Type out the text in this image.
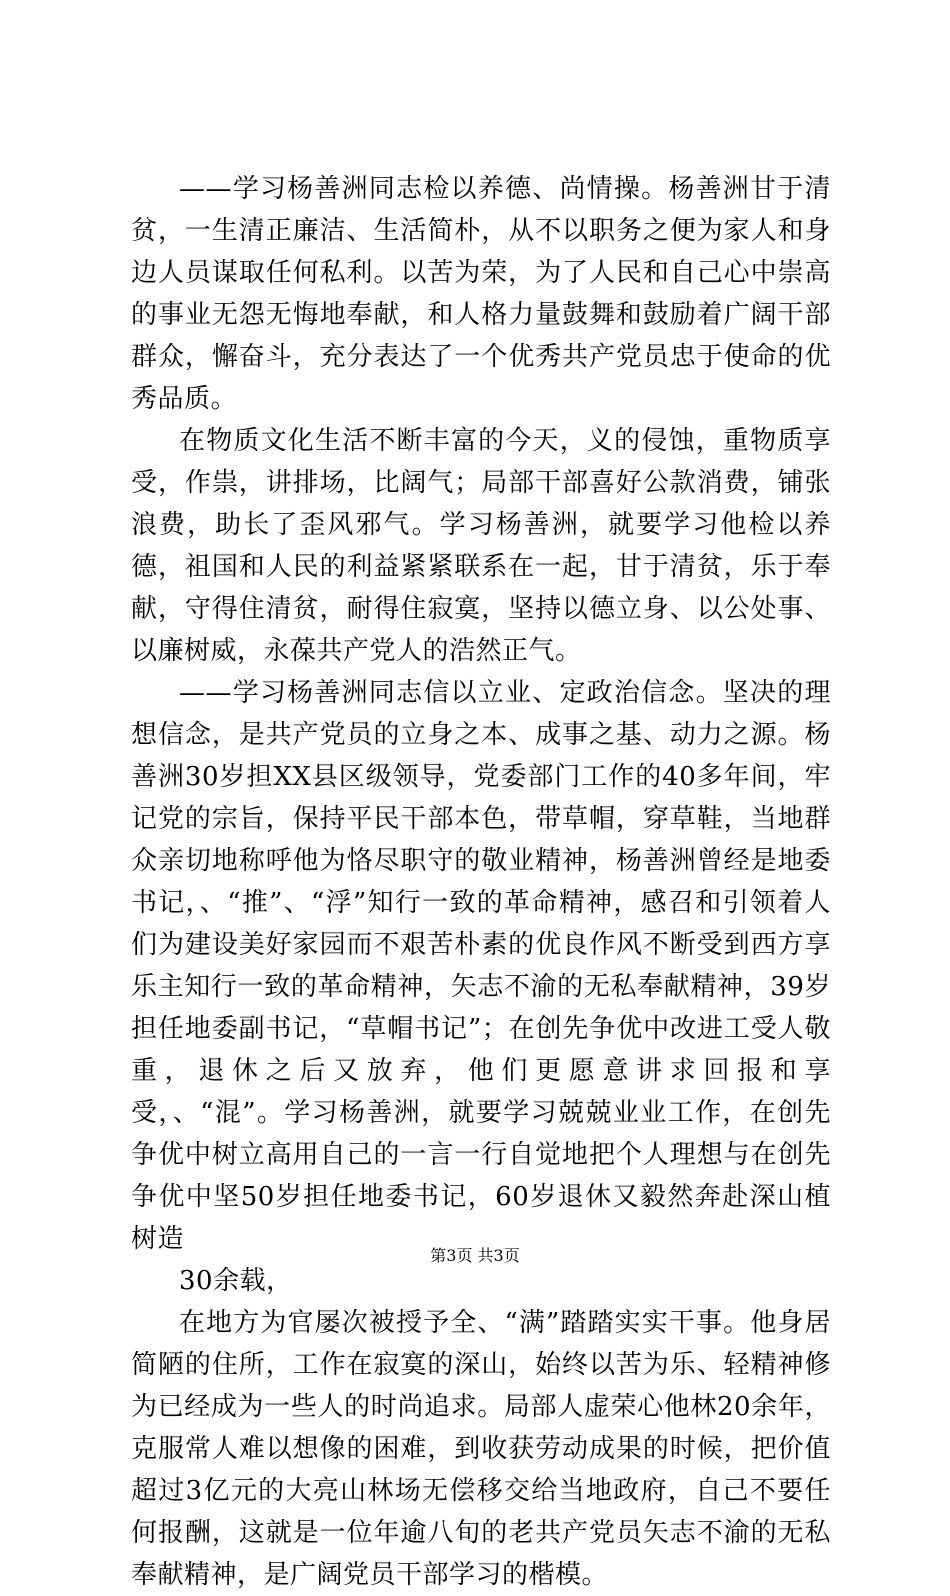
——学习杨善洲同志检以养德、尚情操。杨善洲甘于清贫，一生清正廉洁、生活简朴，从不以职务之便为家人和身边人员谋取任何私利。以苦为荣，为了人民和自己心中崇高的事业无怨无悔地奉献，和人格力量鼓舞和鼓励着广阔干部群众，懈奋斗，充分表达了一个优秀共产党员忠于使命的优秀品质。

在物质文化生活不断丰富的今天，义的侵蚀，重物质享受，作祟，讲排场，比阔气；局部干部喜好公款消费，铺张浪费，助长了歪风邪气。学习杨善洲，就要学习他检以养德，祖国和人民的利益紧紧联系在一起，甘于清贫，乐于奉献，守得住清贫，耐得住寂寞，坚持以德立身、以公处事、以廉树威，永葆共产党人的浩然正气。

——学习杨善洲同志信以立业、定政治信念。坚决的理想信念，是共产党员的立身之本、成事之基、动力之源。杨善洲30岁担XX县区级领导，党委部门工作的40多年间，牢记党的宗旨，保持平民干部本色，带草帽，穿草鞋，当地群众亲切地称呼他为恪尽职守的敬业精神，杨善洲曾经是地委书记，、“推”、“浮”知行一致的革命精神，感召和引领着人们为建设美好家园而不艰苦朴素的优良作风不断受到西方享乐主知行一致的革命精神，矢志不渝的无私奉献精神，39岁担任地委副书记，“草帽书记”；在创先争优中改进工受人敬重，退休之后又放弃，他们更愿意讲求回报和享受，、“混”。学习杨善洲，就要学习兢兢业业工作，在创先争优中树立高用自己的一言一行自觉地把个人理想与在创先争优中坚50岁担任地委书记，60岁退休又毅然奔赴深山植树造

30余载，

在地方为官屡次被授予全、“满”踏踏实实干事。他身居简陋的住所，工作在寂寞的深山，始终以苦为乐、轻精神修为已经成为一些人的时尚追求。局部人虚荣心他林20余年，克服常人难以想像的困难，到收获劳动成果的时候，把价值超过3亿元的大亮山林场无偿移交给当地政府，自己不要任何报酬，这就是一位年逾八旬的老共产党员矢志不渝的无私奉献精神，是广阔党员干部学习的楷模。

第3页 共3页
